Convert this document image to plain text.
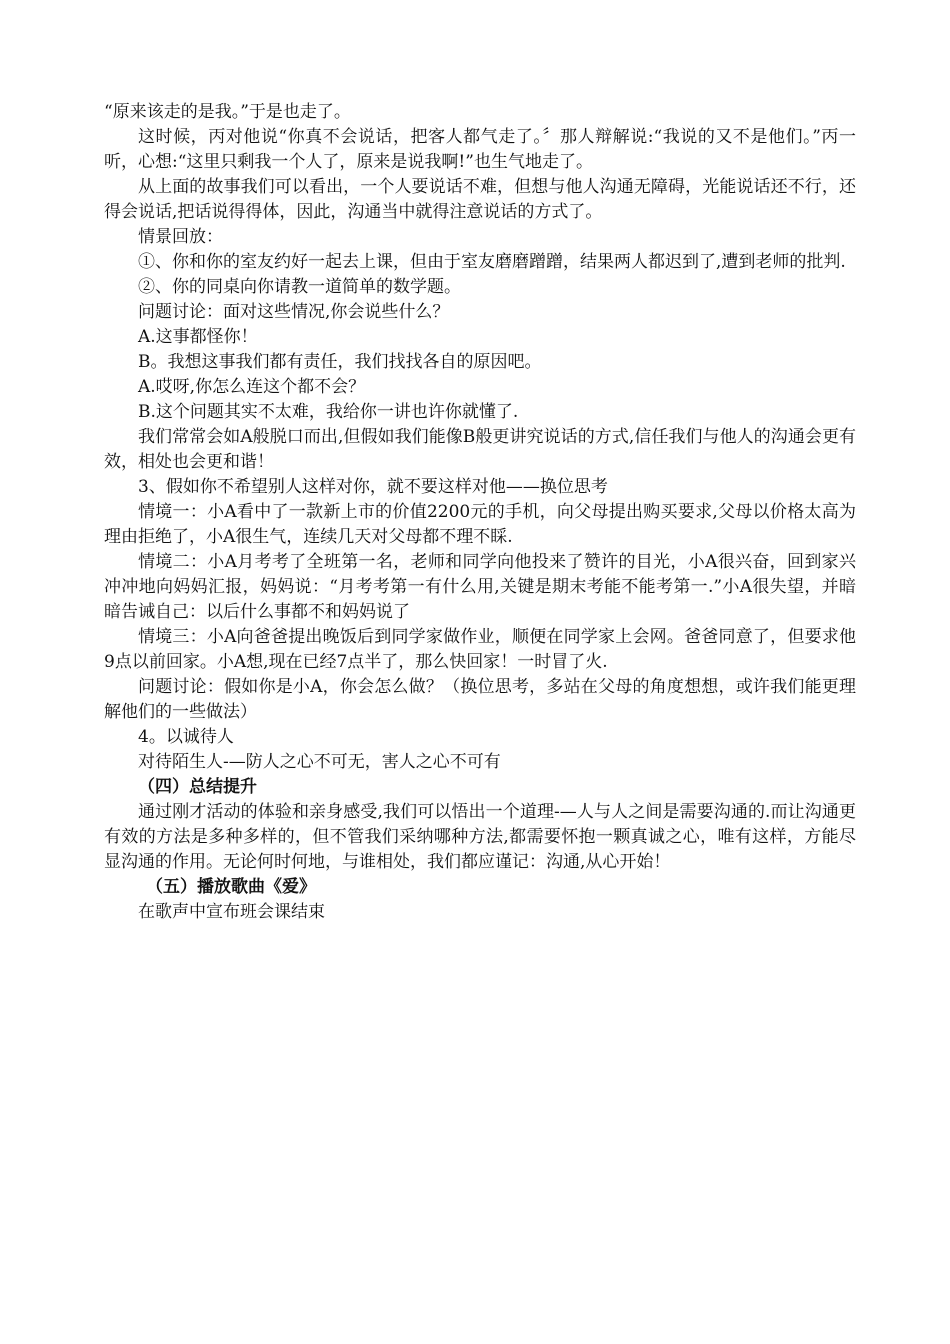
“原来该走的是我。”于是也走了。

这时候，丙对他说“你真不会说话，把客人都气走了。〞那人辩解说:“我说的又不是他们。”丙一听，心想:“这里只剩我一个人了，原来是说我啊!”也生气地走了。

从上面的故事我们可以看出，一个人要说话不难，但想与他人沟通无障碍，光能说话还不行，还得会说话,把话说得得体，因此，沟通当中就得注意说话的方式了。

情景回放：

①、你和你的室友约好一起去上课，但由于室友磨磨蹭蹭，结果两人都迟到了,遭到老师的批判.

②、你的同桌向你请教一道简单的数学题。

问题讨论：面对这些情况,你会说些什么？

A.这事都怪你！

B。我想这事我们都有责任，我们找找各自的原因吧。

A.哎呀,你怎么连这个都不会？

B.这个问题其实不太难，我给你一讲也许你就懂了.

我们常常会如A般脱口而出,但假如我们能像B般更讲究说话的方式,信任我们与他人的沟通会更有效，相处也会更和谐！

3、假如你不希望别人这样对你，就不要这样对他——换位思考

情境一：小A看中了一款新上市的价值2200元的手机，向父母提出购买要求,父母以价格太高为理由拒绝了，小A很生气，连续几天对父母都不理不睬.

情境二：小A月考考了全班第一名，老师和同学向他投来了赞许的目光，小A很兴奋，回到家兴冲冲地向妈妈汇报，妈妈说：“月考考第一有什么用,关键是期末考能不能考第一.”小A很失望，并暗暗告诫自己：以后什么事都不和妈妈说了

情境三：小A向爸爸提出晚饭后到同学家做作业，顺便在同学家上会网。爸爸同意了，但要求他9点以前回家。小A想,现在已经7点半了，那么快回家！一时冒了火.

问题讨论：假如你是小A，你会怎么做？（换位思考，多站在父母的角度想想，或许我们能更理解他们的一些做法）

4。以诚待人

对待陌生人-—防人之心不可无，害人之心不可有

（四）总结提升

通过刚才活动的体验和亲身感受,我们可以悟出一个道理-—人与人之间是需要沟通的.而让沟通更有效的方法是多种多样的，但不管我们采纳哪种方法,都需要怀抱一颗真诚之心，唯有这样，方能尽显沟通的作用。无论何时何地，与谁相处，我们都应谨记：沟通,从心开始！

（五）播放歌曲《爱》

在歌声中宣布班会课结束
